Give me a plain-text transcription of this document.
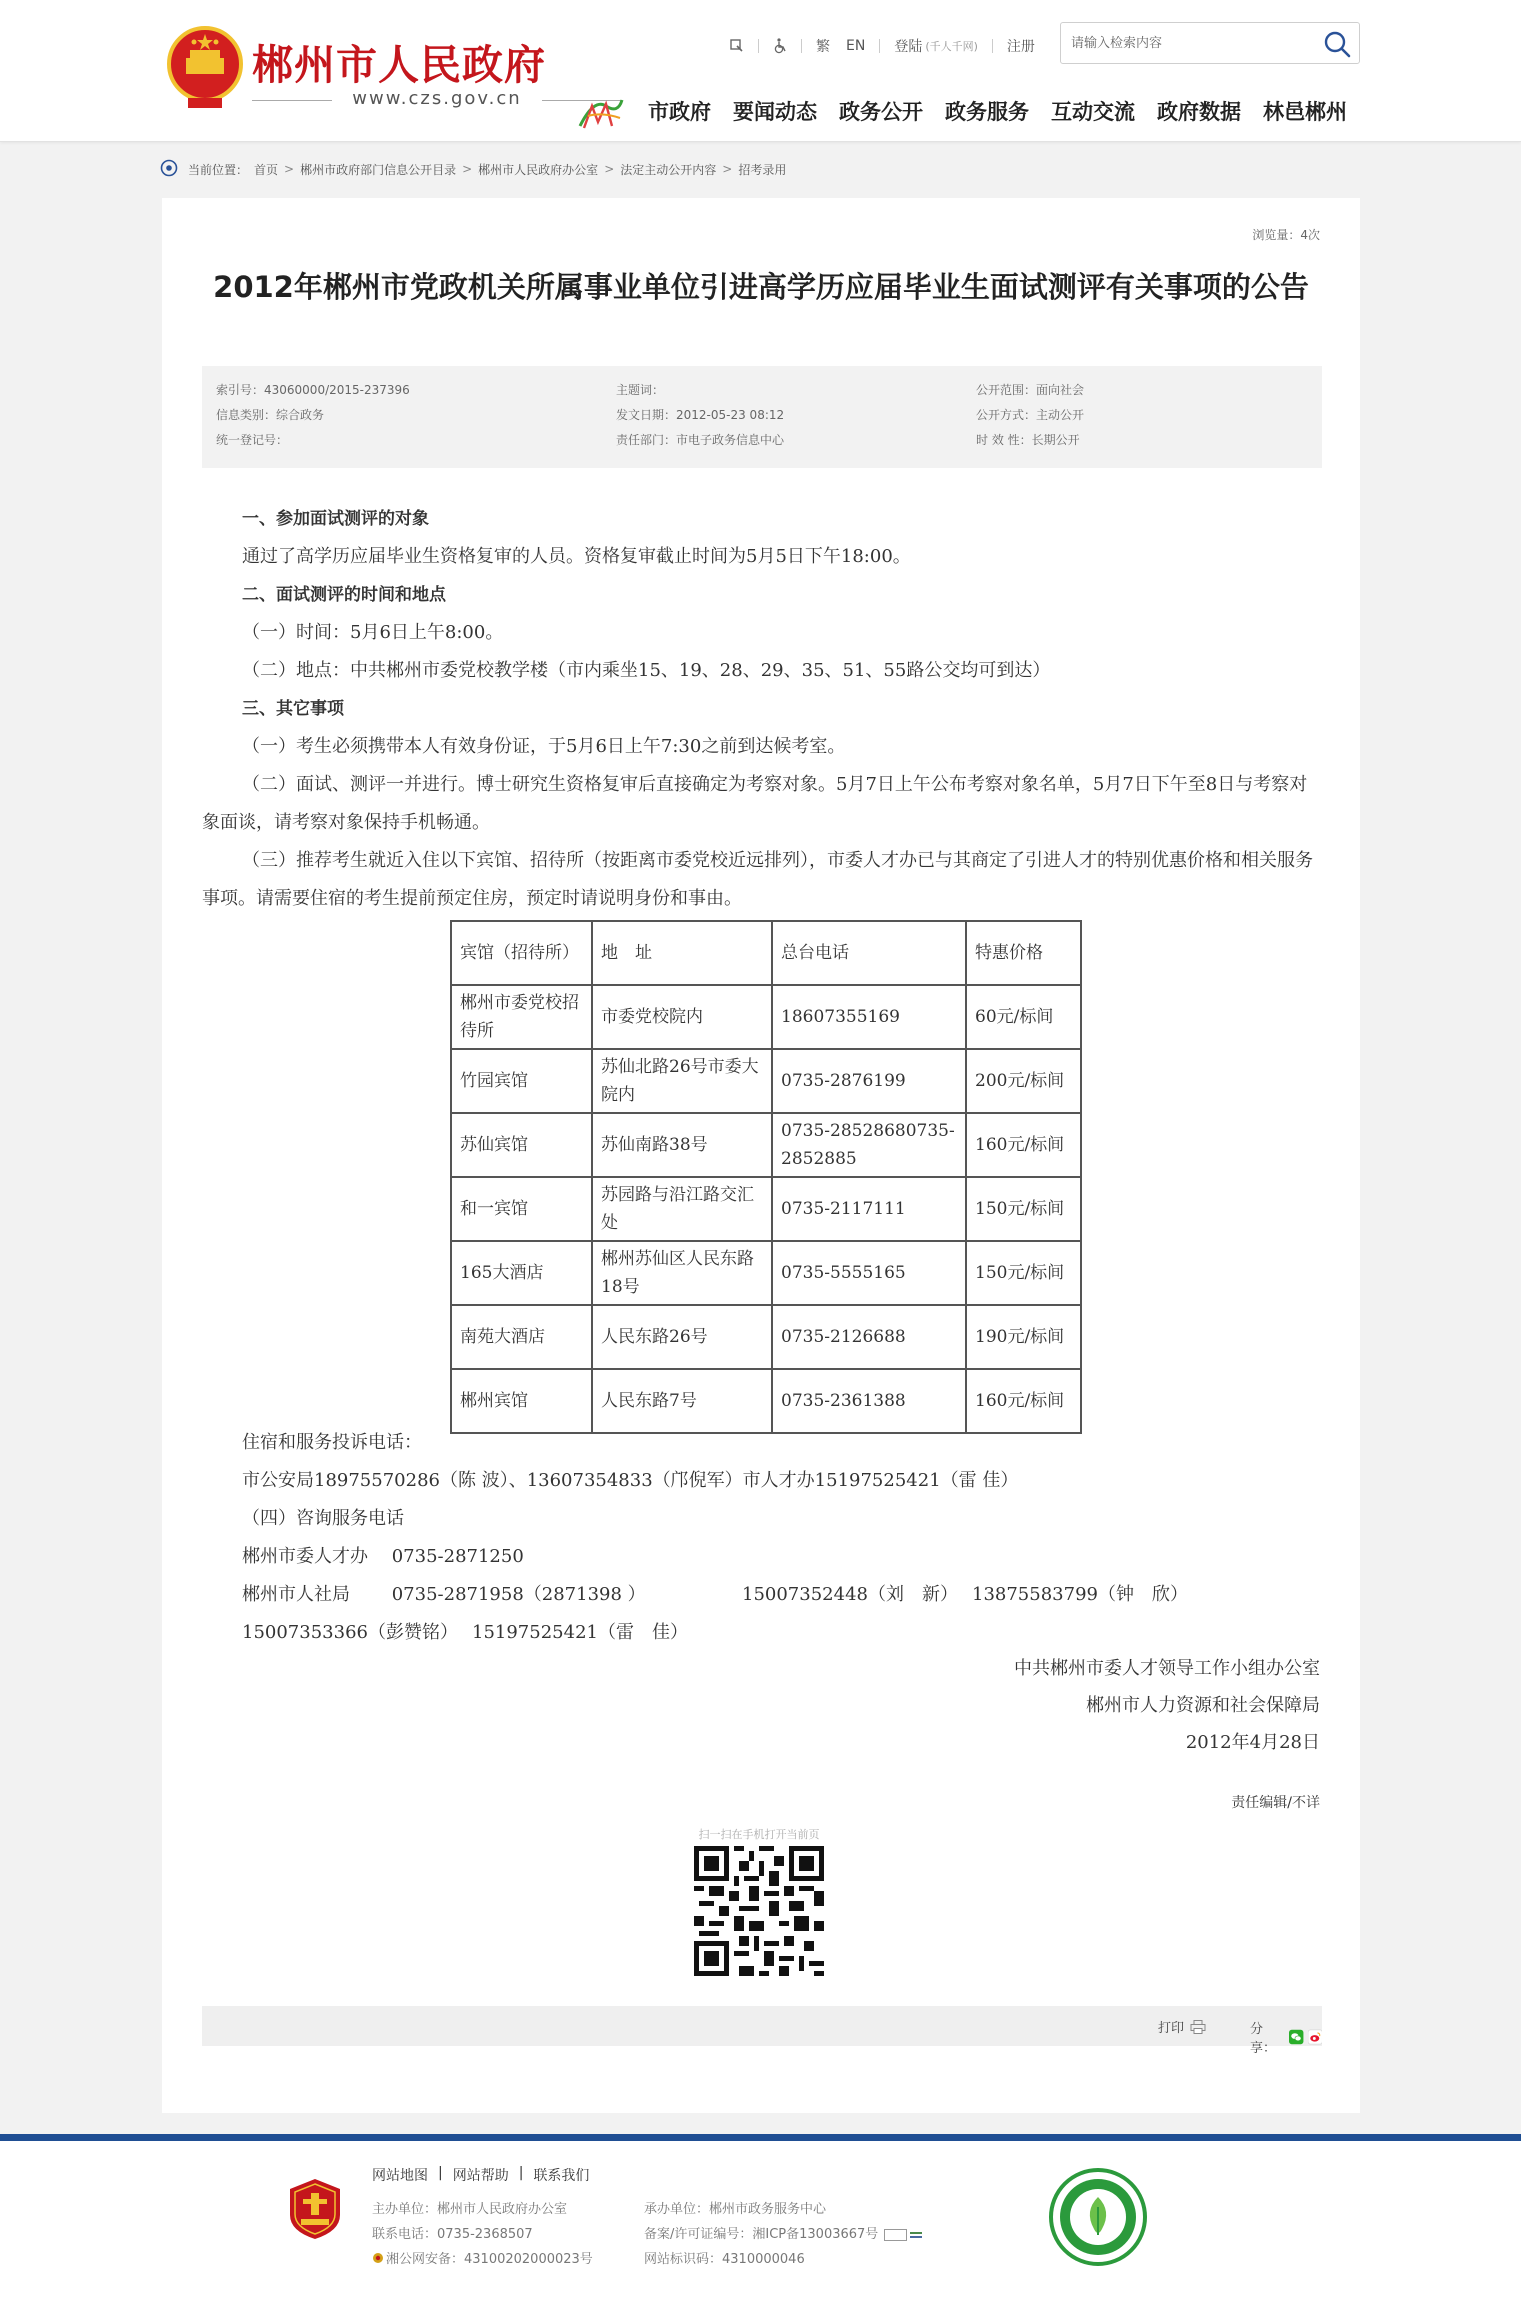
郴州市人民政府
www.czs.gov.cn
繁 EN 登陆 (千人千网) 注册
请输入检索内容
市政府 要闻动态 政务公开 政务服务 互动交流 政府数据 林邑郴州
当前位置： 首页 > 郴州市政府部门信息公开目录 > 郴州市人民政府办公室 > 法定主动公开内容 > 招考录用
浏览量：4次
2012年郴州市党政机关所属事业单位引进高学历应届毕业生面试测评有关事项的公告
索引号：43060000/2015-237396
信息类别：综合政务
统一登记号：
主题词：
发文日期：2012-05-23 08:12
责任部门：市电子政务信息中心
公开范围：面向社会
公开方式：主动公开
时 效 性：长期公开

一、参加面试测评的对象

通过了高学历应届毕业生资格复审的人员。资格复审截止时间为5月5日下午18:00。

二、面试测评的时间和地点

（一）时间：5月6日上午8:00。

（二）地点：中共郴州市委党校教学楼（市内乘坐15、19、28、29、35、51、55路公交均可到达）

三、其它事项

（一）考生必须携带本人有效身份证，于5月6日上午7:30之前到达候考室。

（二）面试、测评一并进行。博士研究生资格复审后直接确定为考察对象。5月7日上午公布考察对象名单，5月7日下午至8日与考察对象面谈，请考察对象保持手机畅通。

（三）推荐考生就近入住以下宾馆、招待所（按距离市委党校近远排列），市委人才办已与其商定了引进人才的特别优惠价格和相关服务事项。请需要住宿的考生提前预定住房，预定时请说明身份和事由。

宾馆（招待所）	地　址	总台电话	特惠价格
郴州市委党校招待所	市委党校院内	18607355169	60元/标间
竹园宾馆	苏仙北路26号市委大院内	0735-2876199	200元/标间
苏仙宾馆	苏仙南路38号	0735-28528680735-2852885	160元/标间
和一宾馆	苏园路与沿江路交汇处	0735-2117111	150元/标间
165大酒店	郴州苏仙区人民东路18号	0735-5555165	150元/标间
南苑大酒店	人民东路26号	0735-2126688	190元/标间
郴州宾馆	人民东路7号	0735-2361388	160元/标间
住宿和服务投诉电话：
市公安局18975570286（陈 波）、13607354833（邝倪军）市人才办15197525421（雷 佳）
（四）咨询服务电话
郴州市委人才办　 0735-2871250
郴州市人社局　　 0735-2871958（2871398 ）	15007352448（刘　新） 13875583799（钟　欣）
15007353366（彭赞铭） 15197525421（雷　佳）
中共郴州市委人才领导工作小组办公室
郴州市人力资源和社会保障局
2012年4月28日
责任编辑/不详
扫一扫在手机打开当前页
打印	分享：
网站地图 | 网站帮助 | 联系我们
主办单位：郴州市人民政府办公室	承办单位：郴州市政务服务中心
联系电话：0735-2368507	备案/许可证编号：湘ICP备13003667号
湘公网安备：43100202000023号	网站标识码：4310000046
